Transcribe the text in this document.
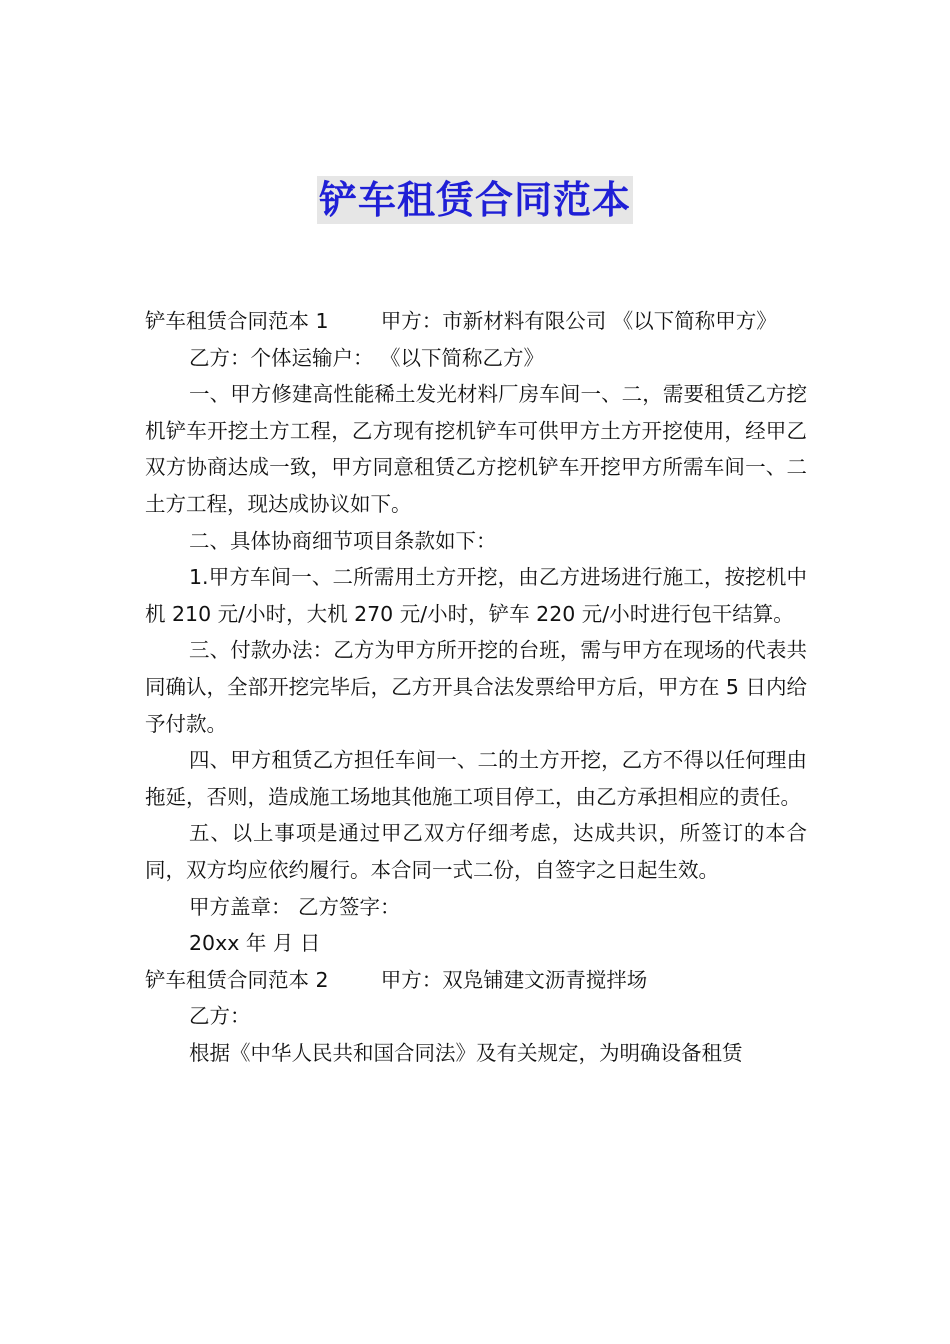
铲车租赁合同范本

铲车租赁合同范本 1        甲方：市新材料有限公司 《以下简称甲方》

乙方：个体运输户： 《以下简称乙方》

一、甲方修建高性能稀土发光材料厂房车间一、二，需要租赁乙方挖机铲车开挖土方工程，乙方现有挖机铲车可供甲方土方开挖使用，经甲乙双方协商达成一致，甲方同意租赁乙方挖机铲车开挖甲方所需车间一、二土方工程，现达成协议如下。

二、具体协商细节项目条款如下：

1.甲方车间一、二所需用土方开挖，由乙方进场进行施工，按挖机中机 210 元/小时，大机 270 元/小时，铲车 220 元/小时进行包干结算。

三、付款办法：乙方为甲方所开挖的台班，需与甲方在现场的代表共同确认，全部开挖完毕后，乙方开具合法发票给甲方后，甲方在 5 日内给予付款。

四、甲方租赁乙方担任车间一、二的土方开挖，乙方不得以任何理由拖延，否则，造成施工场地其他施工项目停工，由乙方承担相应的责任。

五、以上事项是通过甲乙双方仔细考虑，达成共识，所签订的本合同，双方均应依约履行。本合同一式二份，自签字之日起生效。

甲方盖章： 乙方签字：

20xx 年 月 日

铲车租赁合同范本 2        甲方：双凫铺建文沥青搅拌场

乙方：

根据《中华人民共和国合同法》及有关规定，为明确设备租赁
